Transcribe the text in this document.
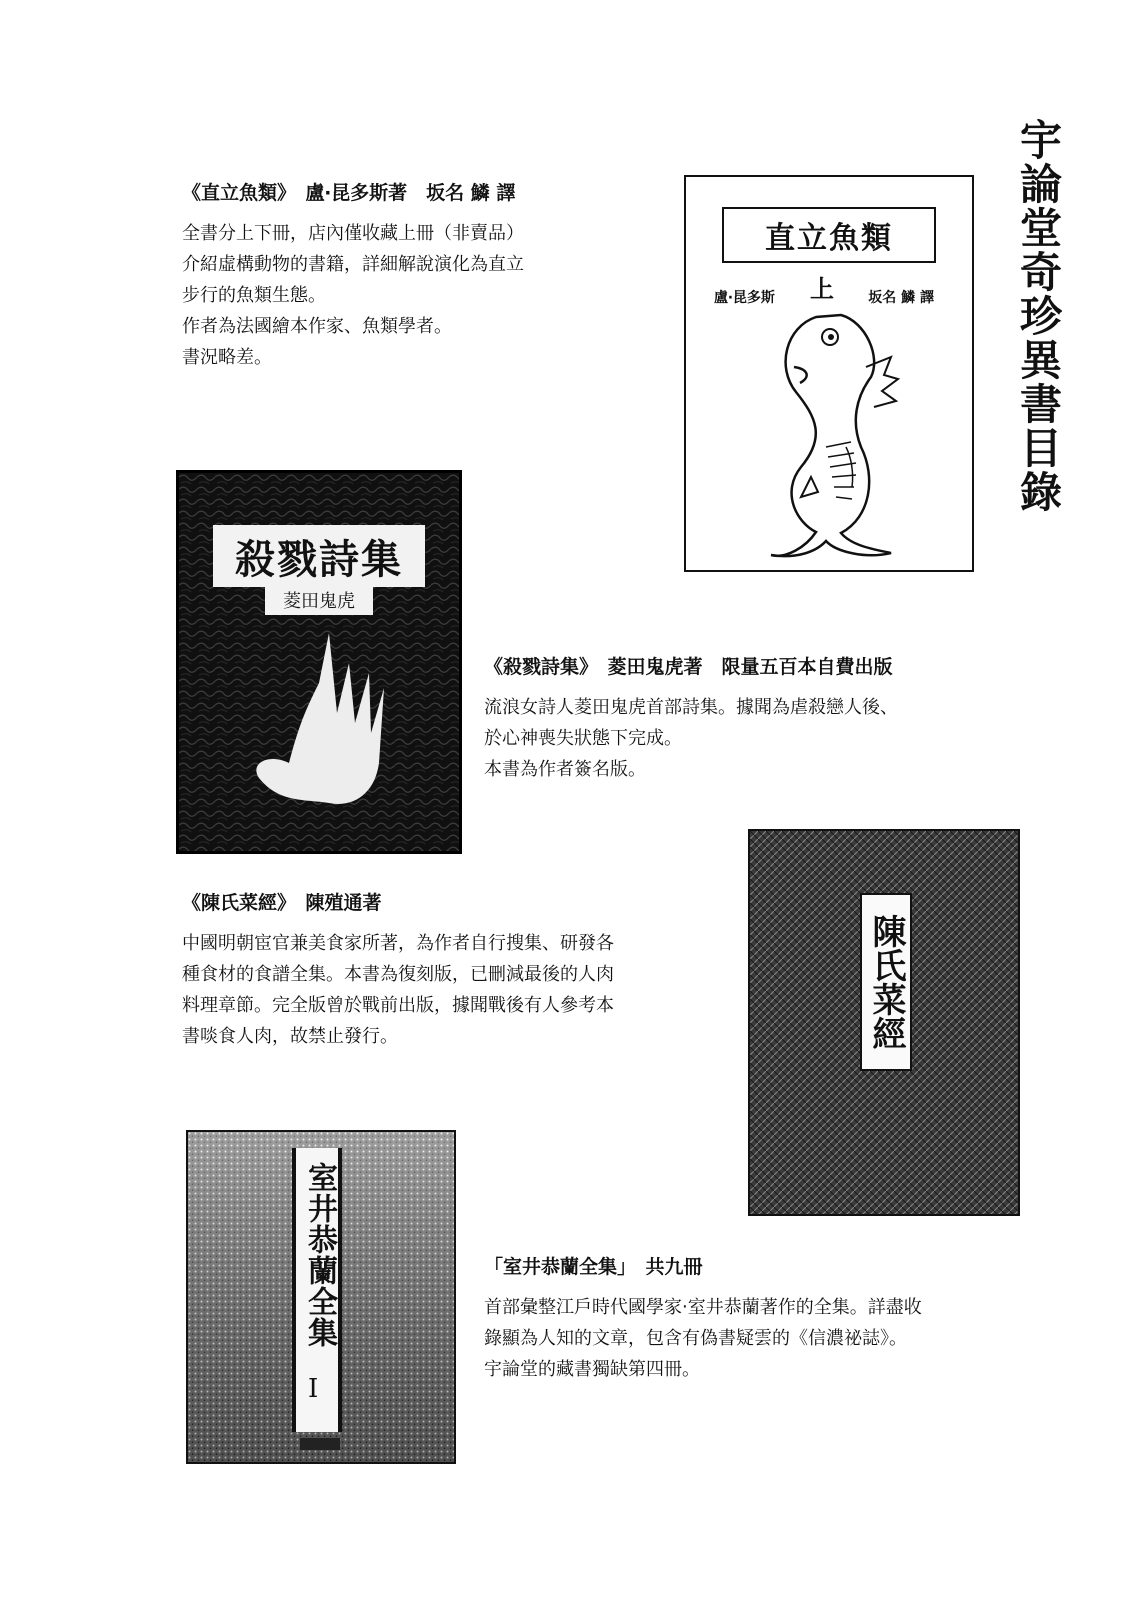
宇論堂奇珍異書目錄
《直立魚類》　盧‧昆多斯著　坂名 鱗 譯

全書分上下冊，店內僅收藏上冊（非賣品）

介紹虛構動物的書籍，詳細解說演化為直立

步行的魚類生態。

作者為法國繪本作家、魚類學者。

書況略差。

直立魚類
上
盧‧昆多斯	坂名 鱗 譯
殺戮詩集
菱田鬼虎
《殺戮詩集》　菱田鬼虎著　限量五百本自費出版

流浪女詩人菱田鬼虎首部詩集。據聞為虐殺戀人後、

於心神喪失狀態下完成。

本書為作者簽名版。

《陳氏菜經》　陳殖通著

中國明朝宦官兼美食家所著，為作者自行搜集、研發各

種食材的食譜全集。本書為復刻版，已刪減最後的人肉

料理章節。完全版曾於戰前出版，據聞戰後有人參考本

書啖食人肉，故禁止發行。	陳氏菜經
室井恭蘭全集
I
「室井恭蘭全集」　共九冊

首部彙整江戶時代國學家‧室井恭蘭著作的全集。詳盡收

錄顯為人知的文章，包含有偽書疑雲的《信濃祕誌》。

宇論堂的藏書獨缺第四冊。
